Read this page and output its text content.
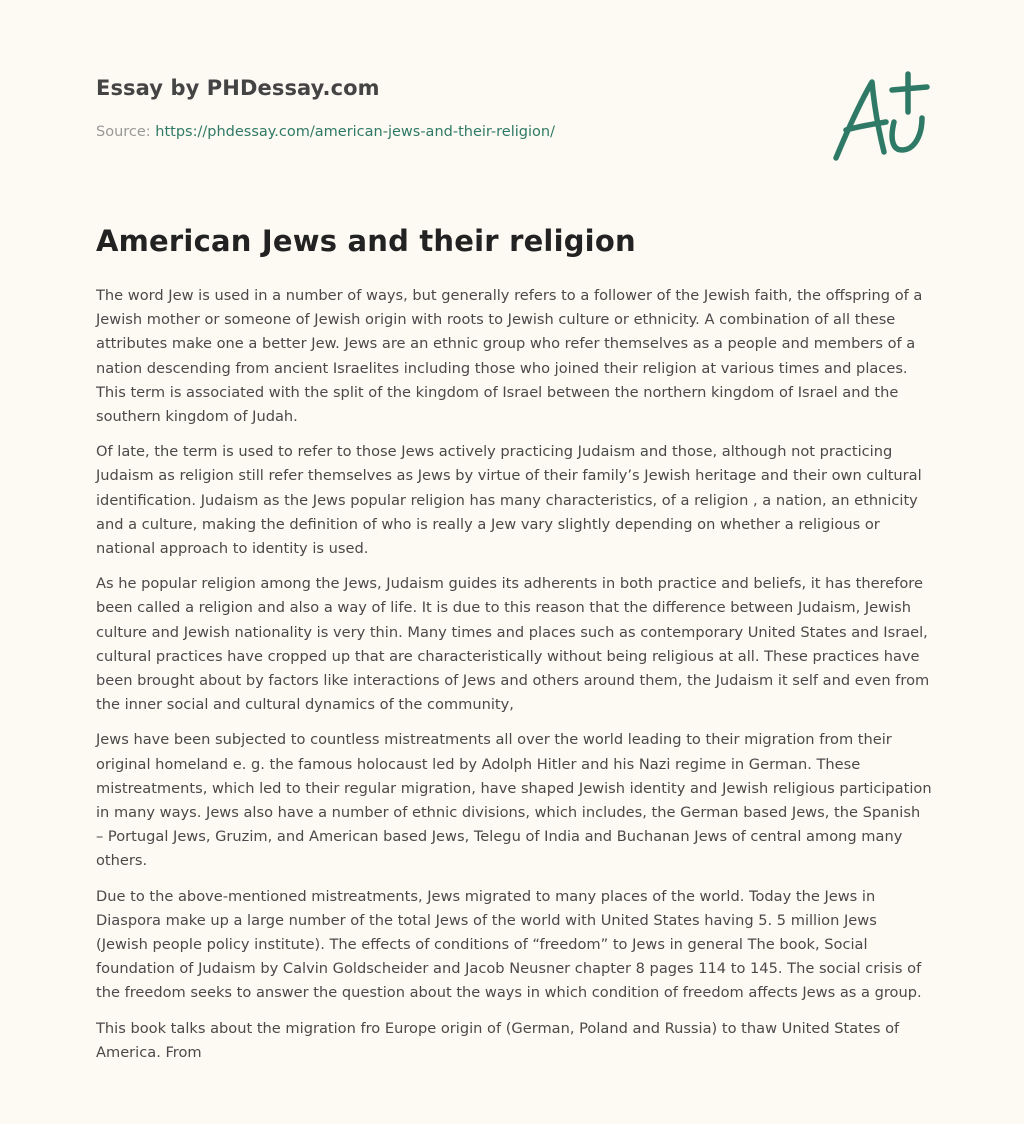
Essay by PHDessay.com
Source: https://phdessay.com/american-jews-and-their-religion/
American Jews and their religion

The word Jew is used in a number of ways, but generally refers to a follower of the Jewish faith, the offspring of a Jewish mother or someone of Jewish origin with roots to Jewish culture or ethnicity. A combination of all these attributes make one a better Jew. Jews are an ethnic group who refer themselves as a people and members of a nation descending from ancient Israelites including those who joined their religion at various times and places. This term is associated with the split of the kingdom of Israel between the northern kingdom of Israel and the southern kingdom of Judah.

Of late, the term is used to refer to those Jews actively practicing Judaism and those, although not practicing Judaism as religion still refer themselves as Jews by virtue of their family’s Jewish heritage and their own cultural identification. Judaism as the Jews popular religion has many characteristics, of a religion , a nation, an ethnicity and a culture, making the definition of who is really a Jew vary slightly depending on whether a religious or national approach to identity is used.

As he popular religion among the Jews, Judaism guides its adherents in both practice and beliefs, it has therefore been called a religion and also a way of life. It is due to this reason that the difference between Judaism, Jewish culture and Jewish nationality is very thin. Many times and places such as contemporary United States and Israel, cultural practices have cropped up that are characteristically without being religious at all. These practices have been brought about by factors like interactions of Jews and others around them, the Judaism it self and even from the inner social and cultural dynamics of the community,

Jews have been subjected to countless mistreatments all over the world leading to their migration from their original homeland e. g. the famous holocaust led by Adolph Hitler and his Nazi regime in German. These mistreatments, which led to their regular migration, have shaped Jewish identity and Jewish religious participation in many ways. Jews also have a number of ethnic divisions, which includes, the German based Jews, the Spanish – Portugal Jews, Gruzim, and American based Jews, Telegu of India and Buchanan Jews of central among many others.

Due to the above-mentioned mistreatments, Jews migrated to many places of the world. Today the Jews in Diaspora make up a large number of the total Jews of the world with United States having 5. 5 million Jews (Jewish people policy institute). The effects of conditions of “freedom” to Jews in general The book, Social foundation of Judaism by Calvin Goldscheider and Jacob Neusner chapter 8 pages 114 to 145. The social crisis of the freedom seeks to answer the question about the ways in which condition of freedom affects Jews as a group.

This book talks about the migration fro Europe origin of (German, Poland and Russia) to thaw United States of America. From
